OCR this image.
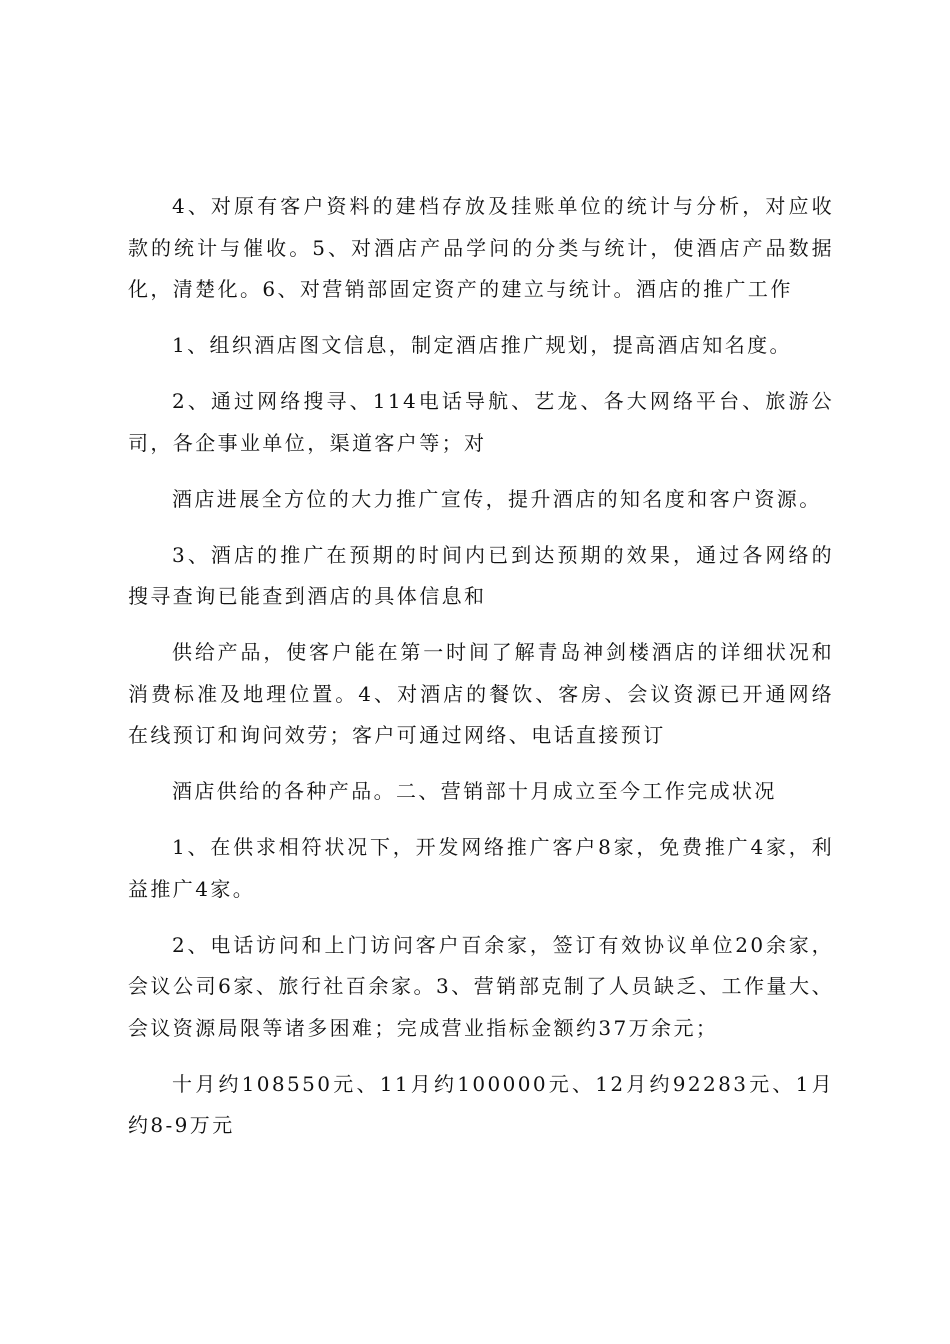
4、对原有客户资料的建档存放及挂账单位的统计与分析，对应收款的统计与催收。5、对酒店产品学问的分类与统计，使酒店产品数据化，清楚化。6、对营销部固定资产的建立与统计。酒店的推广工作

1、组织酒店图文信息，制定酒店推广规划，提高酒店知名度。

2、通过网络搜寻、114电话导航、艺龙、各大网络平台、旅游公司，各企事业单位，渠道客户等；对

酒店进展全方位的大力推广宣传，提升酒店的知名度和客户资源。

3、酒店的推广在预期的时间内已到达预期的效果，通过各网络的搜寻查询已能查到酒店的具体信息和

供给产品，使客户能在第一时间了解青岛神剑楼酒店的详细状况和消费标准及地理位置。4、对酒店的餐饮、客房、会议资源已开通网络在线预订和询问效劳；客户可通过网络、电话直接预订

酒店供给的各种产品。二、营销部十月成立至今工作完成状况

1、在供求相符状况下，开发网络推广客户8家，免费推广4家，利益推广4家。

2、电话访问和上门访问客户百余家，签订有效协议单位20余家，会议公司6家、旅行社百余家。3、营销部克制了人员缺乏、工作量大、会议资源局限等诸多困难；完成营业指标金额约37万余元；

十月约108550元、11月约100000元、12月约92283元、1月约8-9万元
